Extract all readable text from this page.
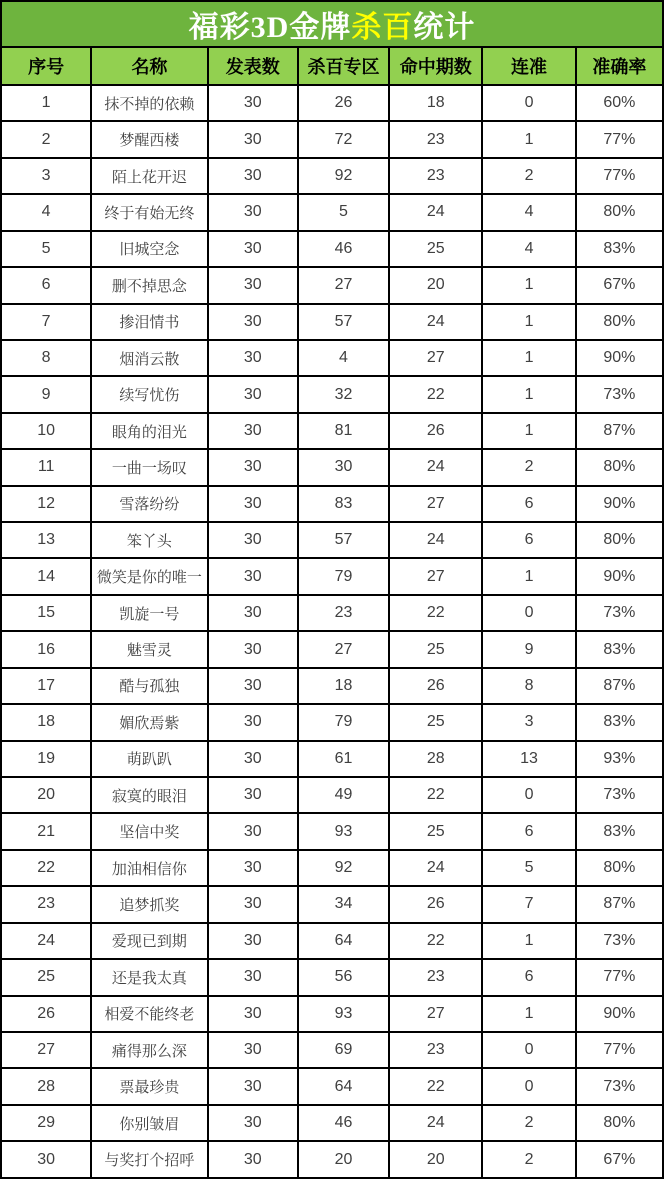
福彩3D金牌杀百统计						
序号	名称	发表数	杀百专区	命中期数	连准	准确率
1	抹不掉的依赖	30	26	18	0	60%
2	梦醒西楼	30	72	23	1	77%
3	陌上花开迟	30	92	23	2	77%
4	终于有始无终	30	5	24	4	80%
5	旧城空念	30	46	25	4	83%
6	删不掉思念	30	27	20	1	67%
7	掺泪情书	30	57	24	1	80%
8	烟消云散	30	4	27	1	90%
9	续写忧伤	30	32	22	1	73%
10	眼角的泪光	30	81	26	1	87%
11	一曲一场叹	30	30	24	2	80%
12	雪落纷纷	30	83	27	6	90%
13	笨丫头	30	57	24	6	80%
14	微笑是你的唯一	30	79	27	1	90%
15	凯旋一号	30	23	22	0	73%
16	魅雪灵	30	27	25	9	83%
17	酷与孤独	30	18	26	8	87%
18	媚欣焉紫	30	79	25	3	83%
19	萌趴趴	30	61	28	13	93%
20	寂寞的眼泪	30	49	22	0	73%
21	坚信中奖	30	93	25	6	83%
22	加油相信你	30	92	24	5	80%
23	追梦抓奖	30	34	26	7	87%
24	爱现已到期	30	64	22	1	73%
25	还是我太真	30	56	23	6	77%
26	相爱不能终老	30	93	27	1	90%
27	痛得那么深	30	69	23	0	77%
28	票最珍贵	30	64	22	0	73%
29	你别皱眉	30	46	24	2	80%
30	与奖打个招呼	30	20	20	2	67%
